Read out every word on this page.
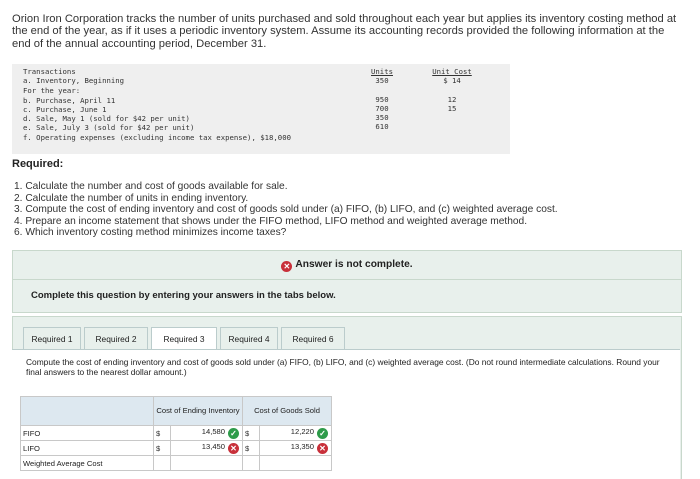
Orion Iron Corporation tracks the number of units purchased and sold throughout each year but applies its inventory costing method at the end of the year, as if it uses a periodic inventory system. Assume its accounting records provided the following information at the end of the annual accounting period, December 31.
Transactions	Units	Unit Cost
a. Inventory, Beginning	350	$ 14
For the year:
b. Purchase, April 11	950	12
c. Purchase, June 1	700	15
d. Sale, May 1 (sold for $42 per unit)	350
e. Sale, July 3 (sold for $42 per unit)	610
f. Operating expenses (excluding income tax expense), $18,000
Required:
1. Calculate the number and cost of goods available for sale.
2. Calculate the number of units in ending inventory.
3. Compute the cost of ending inventory and cost of goods sold under (a) FIFO, (b) LIFO, and (c) weighted average cost.
4. Prepare an income statement that shows under the FIFO method, LIFO method and weighted average method.
6. Which inventory costing method minimizes income taxes?
✕ Answer is not complete.
Complete this question by entering your answers in the tabs below.
Required 1	Required 2	Required 3	Required 4	Required 6
Compute the cost of ending inventory and cost of goods sold under (a) FIFO, (b) LIFO, and (c) weighted average cost. (Do not round intermediate calculations. Round your final answers to the nearest dollar amount.)
	Cost of Ending Inventory		Cost of Goods Sold	
FIFO	$	14,580 ✓	$	12,220 ✓
LIFO	$	13,450 ✕	$	13,350 ✕
Weighted Average Cost				
